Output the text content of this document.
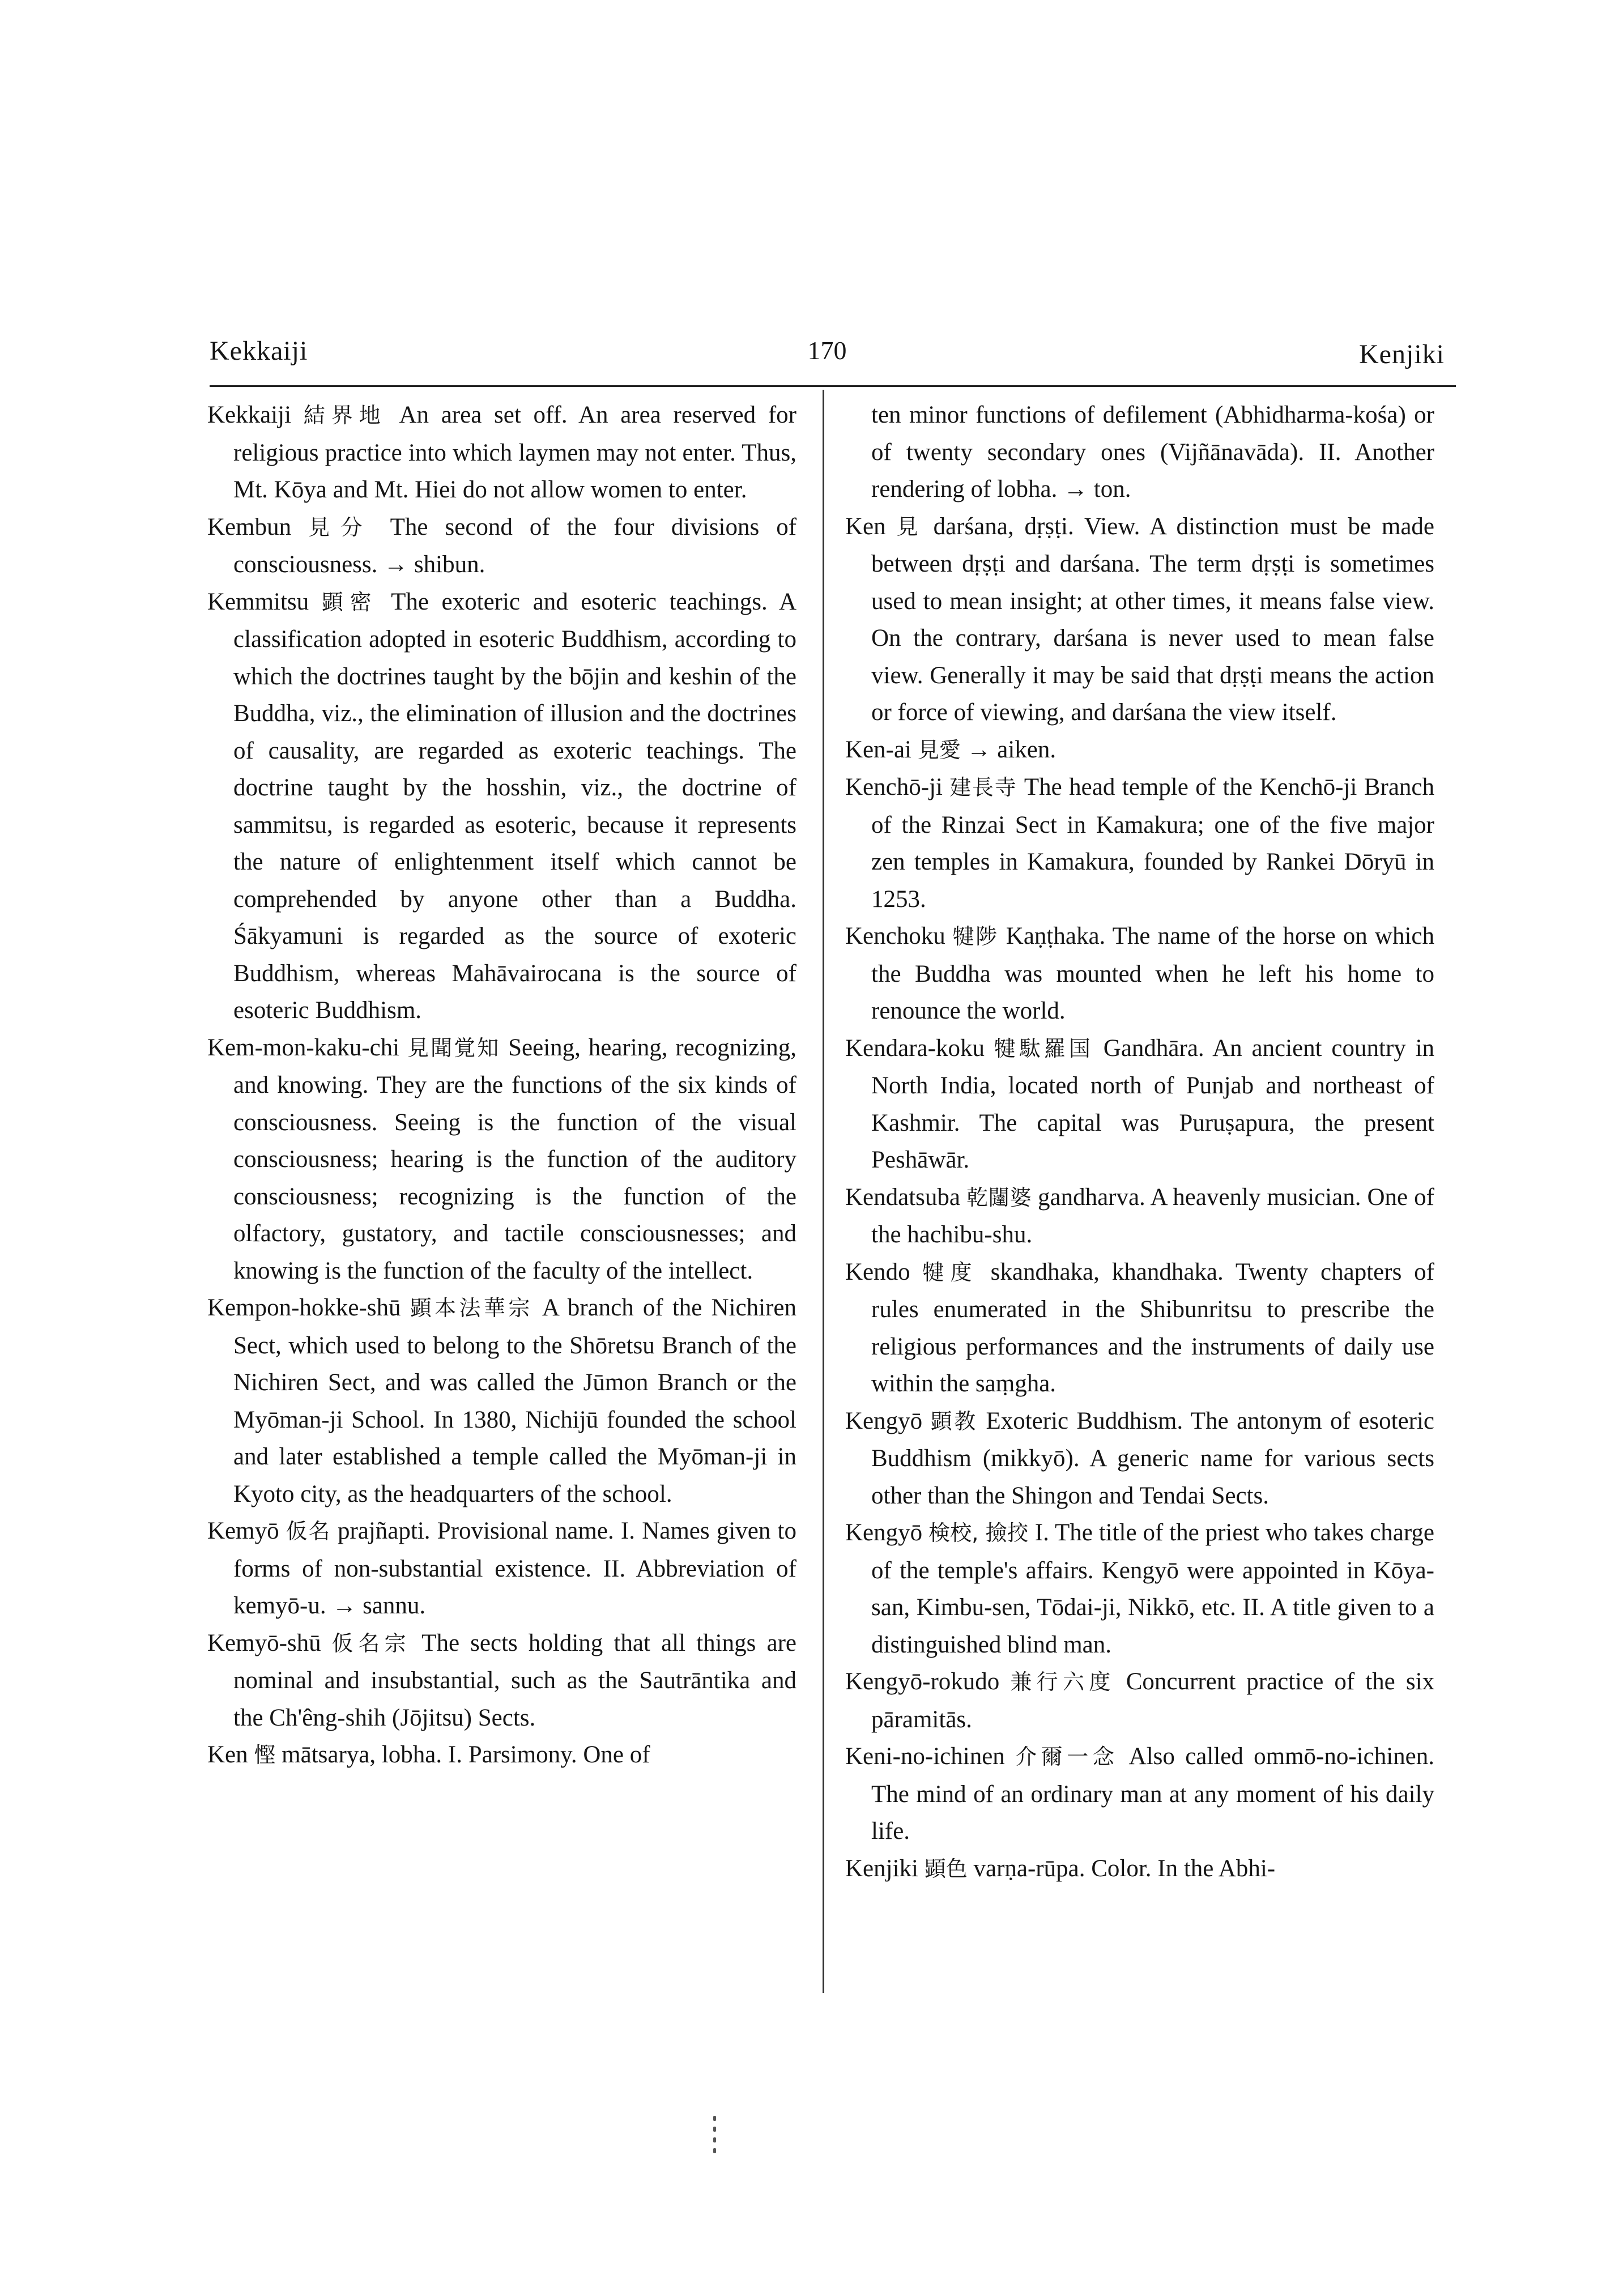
Kekkaiji	170	Kenjiki

Kekkaiji 結界地 An area set off. An area reserved for religious practice into which laymen may not enter. Thus, Mt. Kōya and Mt. Hiei do not allow women to enter.

Kembun 見分 The second of the four divisions of consciousness. → shibun.

Kemmitsu 顕密 The exoteric and esoteric teachings. A classification adopted in esoteric Buddhism, according to which the doctrines taught by the bōjin and keshin of the Buddha, viz., the elimination of illusion and the doctrines of causality, are regarded as exoteric teachings. The doctrine taught by the hosshin, viz., the doctrine of sammitsu, is regarded as esoteric, because it represents the nature of enlightenment itself which cannot be comprehended by anyone other than a Buddha. Śākyamuni is regarded as the source of exoteric Buddhism, whereas Mahāvairocana is the source of esoteric Buddhism.

Kem-mon-kaku-chi 見聞覚知 Seeing, hearing, recognizing, and knowing. They are the functions of the six kinds of consciousness. Seeing is the function of the visual consciousness; hearing is the function of the auditory consciousness; recognizing is the function of the olfactory, gustatory, and tactile consciousnesses; and knowing is the function of the faculty of the intellect.

Kempon-hokke-shū 顕本法華宗 A branch of the Nichiren Sect, which used to belong to the Shōretsu Branch of the Nichiren Sect, and was called the Jūmon Branch or the Myōman-ji School. In 1380, Nichijū founded the school and later established a temple called the Myōman-ji in Kyoto city, as the headquarters of the school.

Kemyō 仮名 prajñapti. Provisional name. I. Names given to forms of non-substantial existence. II. Abbreviation of kemyō-u. → sannu.

Kemyō-shū 仮名宗 The sects holding that all things are nominal and insubstantial, such as the Sautrāntika and the Ch'êng-shih (Jōjitsu) Sects.

Ken 慳 mātsarya, lobha. I. Parsimony. One of

ten minor functions of defilement (Abhidharma-kośa) or of twenty secondary ones (Vijñānavāda). II. Another rendering of lobha. → ton.

Ken 見 darśana, dṛṣṭi. View. A distinction must be made between dṛṣṭi and darśana. The term dṛṣṭi is sometimes used to mean insight; at other times, it means false view. On the contrary, darśana is never used to mean false view. Generally it may be said that dṛṣṭi means the action or force of viewing, and darśana the view itself.

Ken-ai 見愛 → aiken.

Kenchō-ji 建長寺 The head temple of the Kenchō-ji Branch of the Rinzai Sect in Kamakura; one of the five major zen temples in Kamakura, founded by Rankei Dōryū in 1253.

Kenchoku 犍陟 Kaṇṭhaka. The name of the horse on which the Buddha was mounted when he left his home to renounce the world.

Kendara-koku 犍駄羅国 Gandhāra. An ancient country in North India, located north of Punjab and northeast of Kashmir. The capital was Puruṣapura, the present Peshāwār.

Kendatsuba 乾闥婆 gandharva. A heavenly musician. One of the hachibu-shu.

Kendo 犍度 skandhaka, khandhaka. Twenty chapters of rules enumerated in the Shibunritsu to prescribe the religious performances and the instruments of daily use within the saṃgha.

Kengyō 顕教 Exoteric Buddhism. The antonym of esoteric Buddhism (mikkyō). A generic name for various sects other than the Shingon and Tendai Sects.

Kengyō 検校, 撿挍 I. The title of the priest who takes charge of the temple's affairs. Kengyō were appointed in Kōya-san, Kimbu-sen, Tōdai-ji, Nikkō, etc. II. A title given to a distinguished blind man.

Kengyō-rokudo 兼行六度 Concurrent practice of the six pāramitās.

Keni-no-ichinen 介爾一念 Also called ommō-no-ichinen. The mind of an ordinary man at any moment of his daily life.

Kenjiki 顕色 varṇa-rūpa. Color. In the Abhi-
